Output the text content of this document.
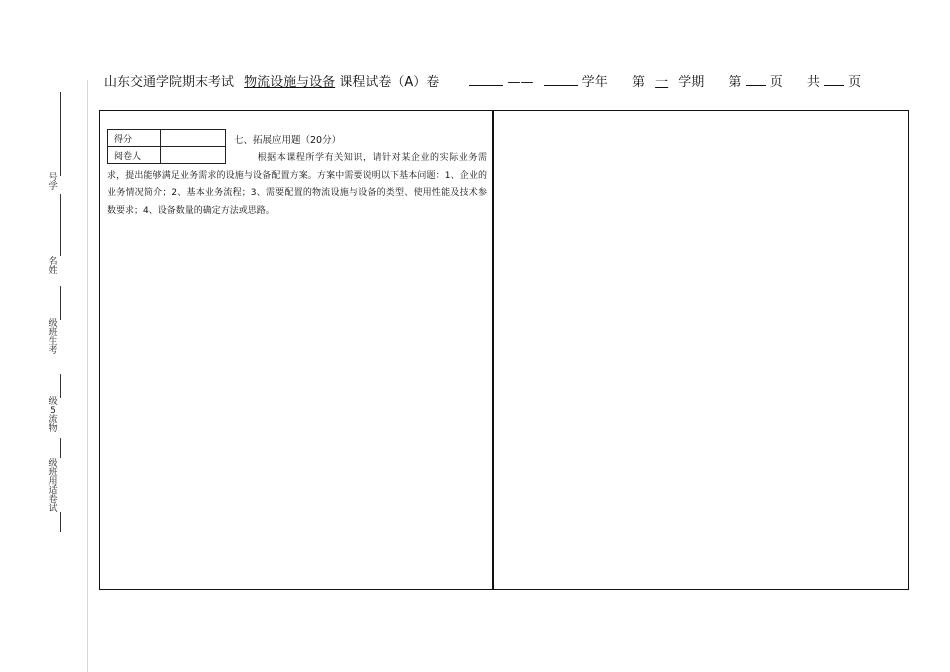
山东交通学院期末考试 物流设施与设备 课程试卷（A）卷	——	学年 第 一 学期 第 页 共 页
号
学
名
姓
级
班
生
考
级
5
流
物
级
班
用
适
卷
试
得分	
阅卷人	
七、拓展应用题（20分）
根据本课程所学有关知识，请针对某企业的实际业务需求，提出能够满足业务需求的设施与设备配置方案。方案中需要说明以下基本问题：1、企业的业务情况简介；2、基本业务流程；3、需要配置的物流设施与设备的类型、使用性能及技术参数要求；4、设备数量的确定方法或思路。
